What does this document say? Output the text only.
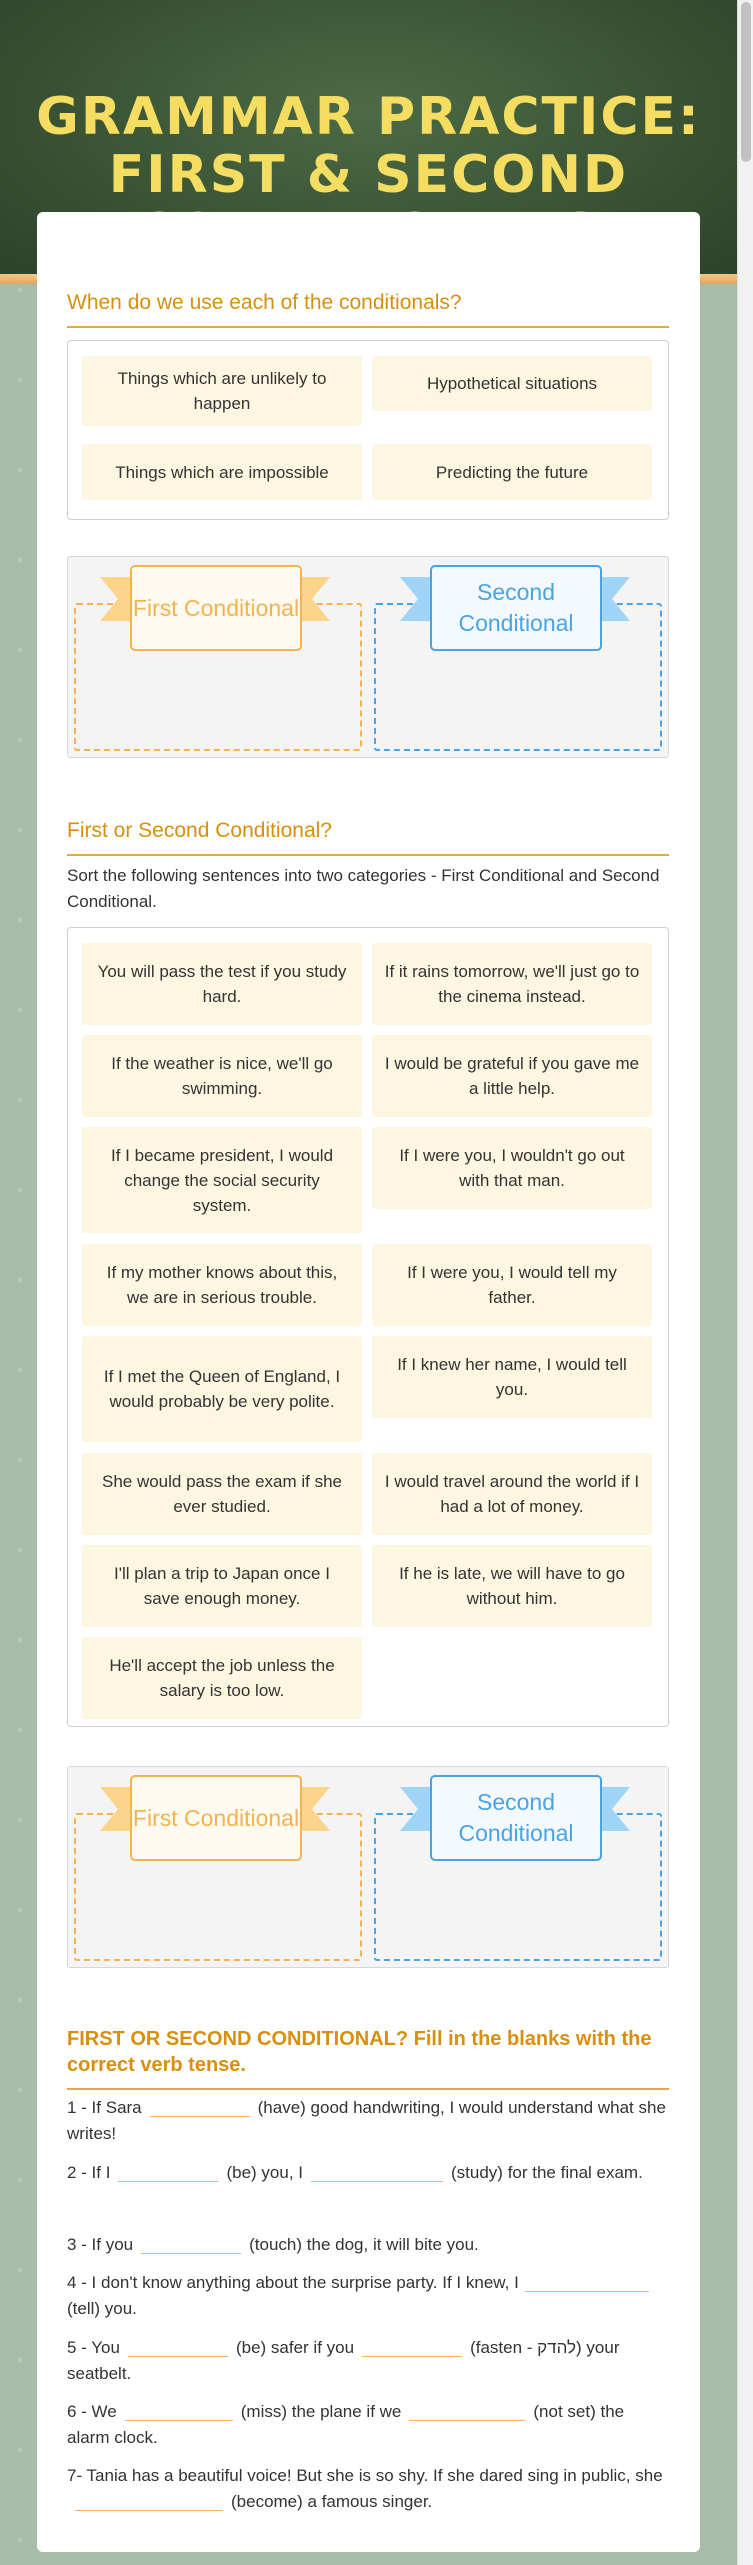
GRAMMAR PRACTICE: FIRST & SECOND
When do we use each of the conditionals?
Things which are unlikely to happen
Hypothetical situations
Things which are impossible	Predicting the future
First Conditional
Second Conditional
First or Second Conditional?
Sort the following sentences into two categories - First Conditional and Second Conditional.
You will pass the test if you study hard.
If it rains tomorrow, we'll just go to the cinema instead.
If the weather is nice, we'll go swimming.
I would be grateful if you gave me a little help.
If I became president, I would change the social security system.
If I were you, I wouldn't go out with that man.
If my mother knows about this, we are in serious trouble.
If I were you, I would tell my father.
If I met the Queen of England, I would probably be very polite.
If I knew her name, I would tell you.
She would pass the exam if she ever studied.
I would travel around the world if I had a lot of money.
I'll plan a trip to Japan once I save enough money.
If he is late, we will have to go without him.
He'll accept the job unless the salary is too low.
First Conditional
Second Conditional
FIRST OR SECOND CONDITIONAL? Fill in the blanks with the correct verb tense.
1 - If Sara	(have) good handwriting, I would understand what she writes!
2 - If I	(be) you, I	(study) for the final exam.
3 - If you	(touch) the dog, it will bite you.
4 - I don't know anything about the surprise party. If I knew, I(tell) you.
5 - You	(be) safer if you	(fasten - להדק) your seatbelt.
6 - We	(miss) the plane if we	(not set) the alarm clock.
7- Tania has a beautiful voice! But she is so shy. If she dared sing in public, she(become) a famous singer.
